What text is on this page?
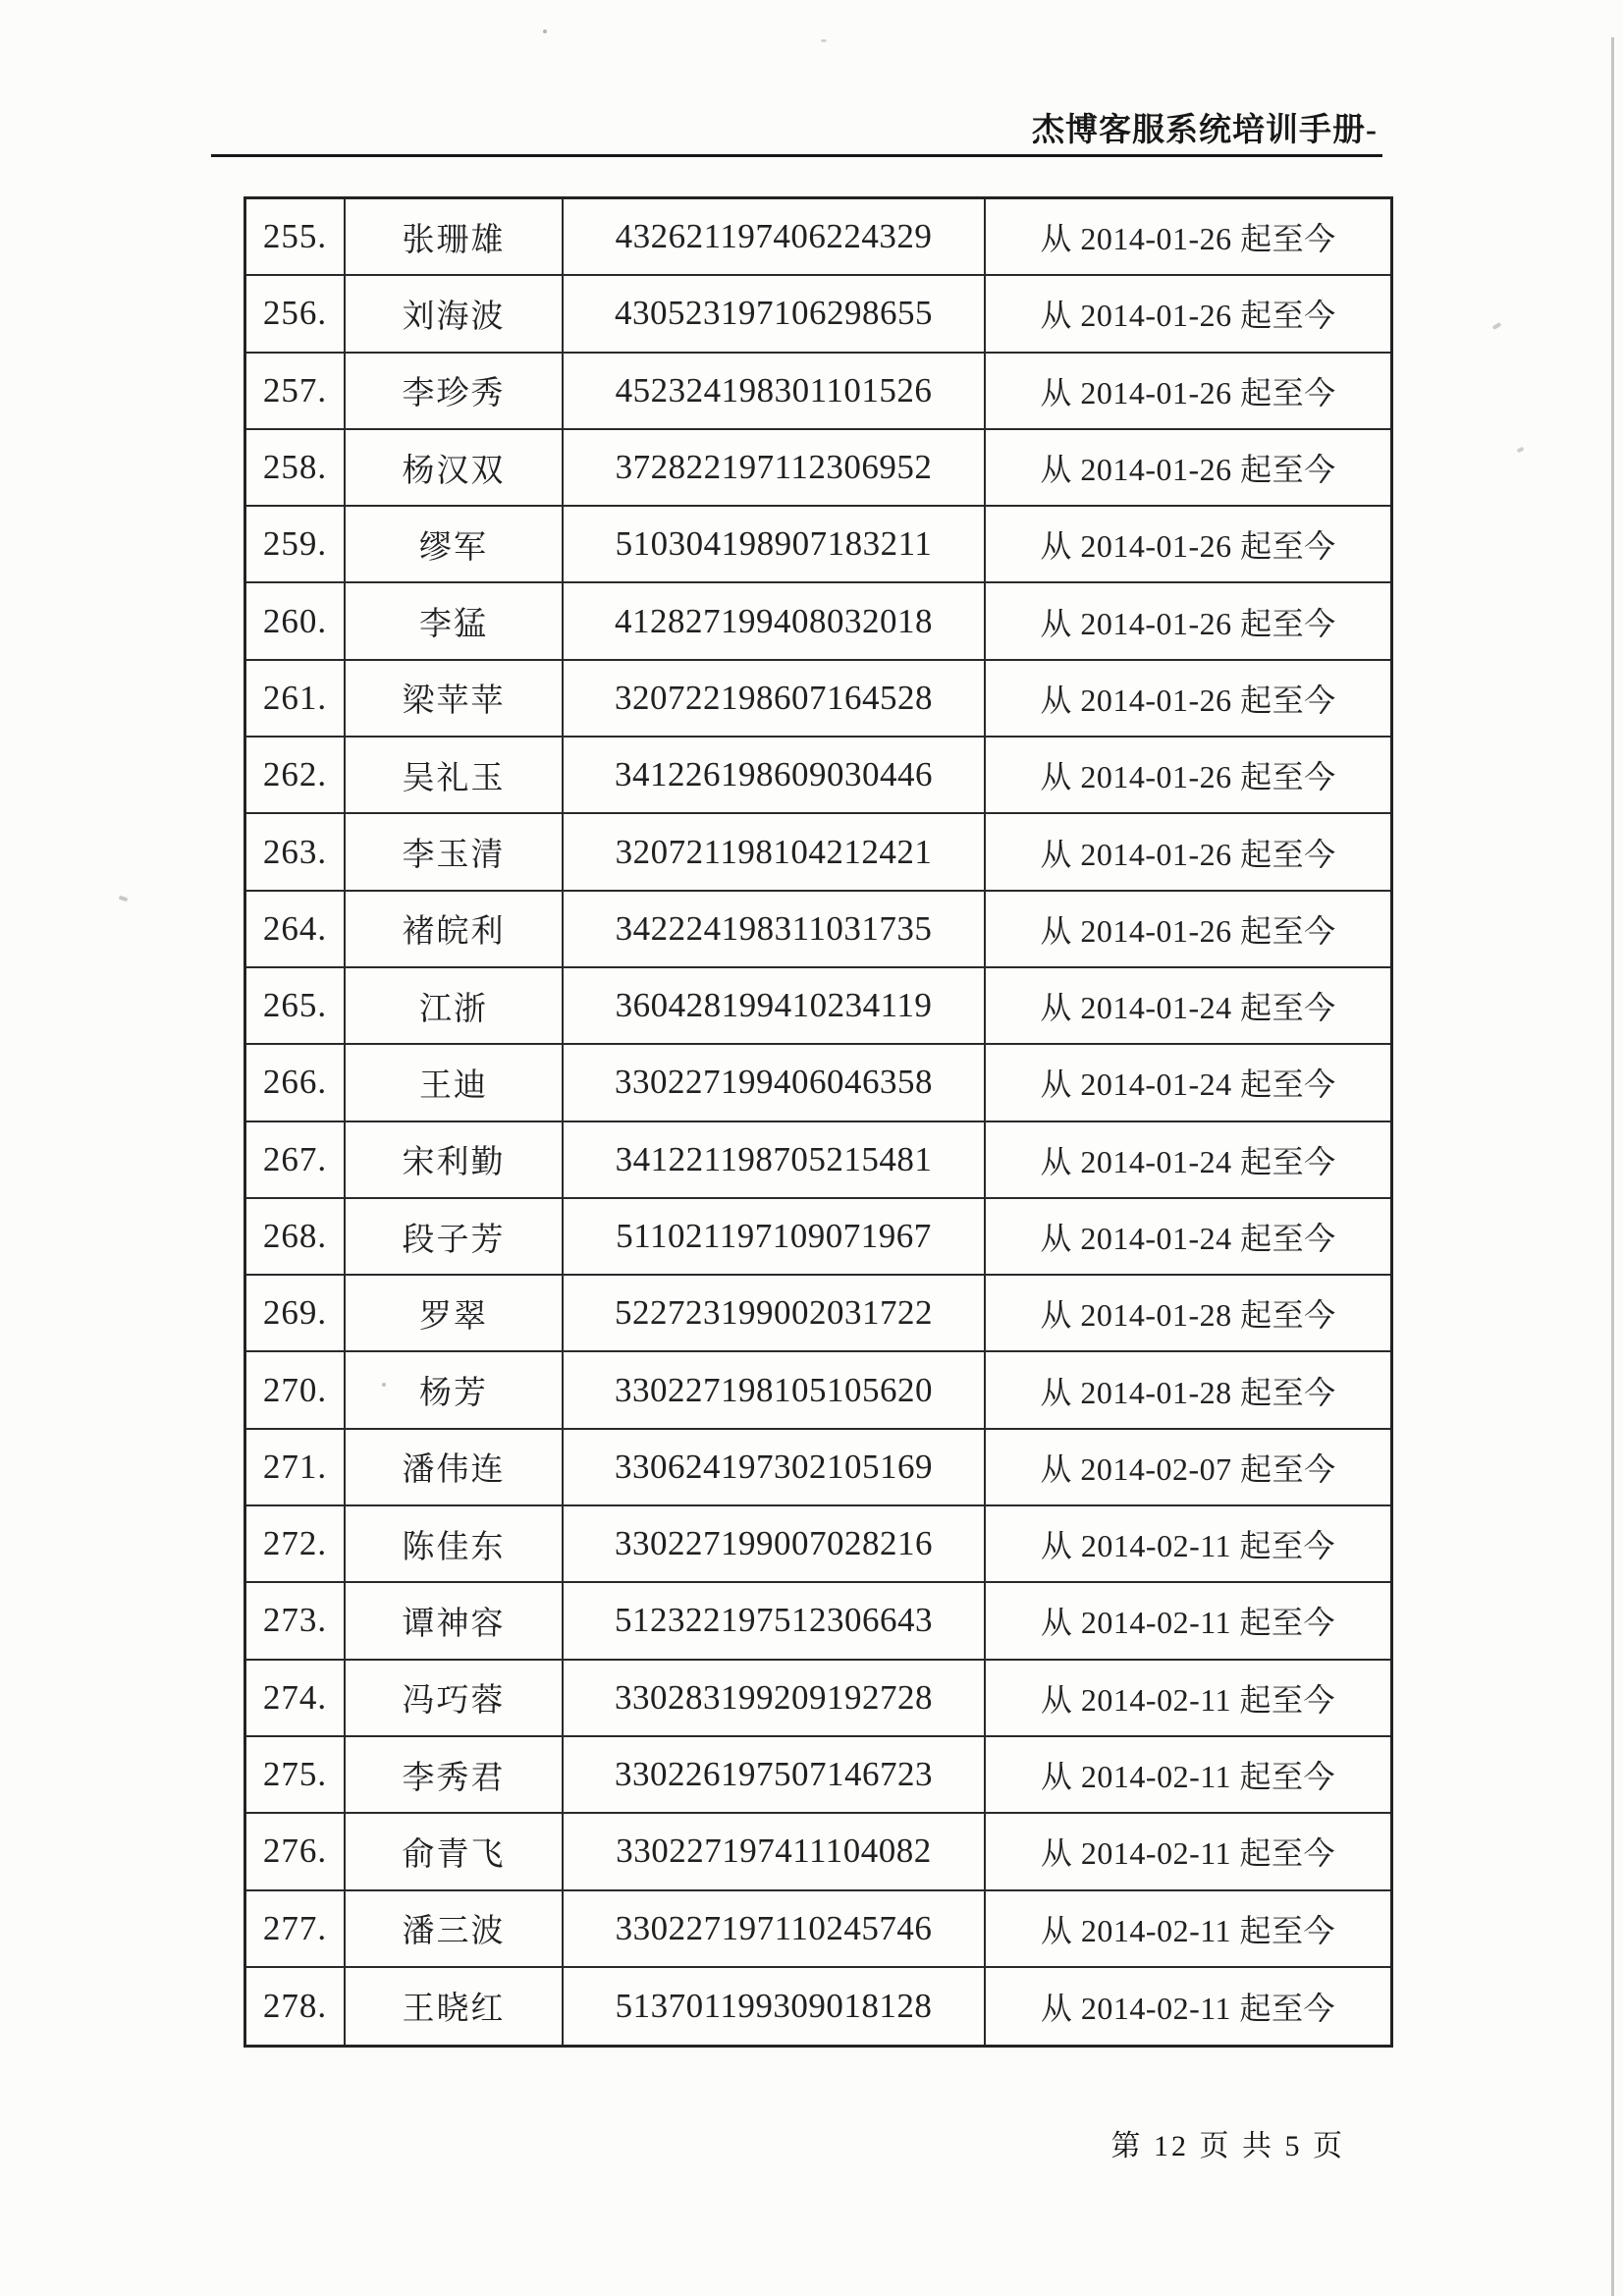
杰博客服系统培训手册-
255.	张珊雄	432621197406224329	从 2014-01-26 起至今
256.	刘海波	430523197106298655	从 2014-01-26 起至今
257.	李珍秀	452324198301101526	从 2014-01-26 起至今
258.	杨汉双	372822197112306952	从 2014-01-26 起至今
259.	缪军	510304198907183211	从 2014-01-26 起至今
260.	李猛	412827199408032018	从 2014-01-26 起至今
261.	梁苹苹	320722198607164528	从 2014-01-26 起至今
262.	吴礼玉	341226198609030446	从 2014-01-26 起至今
263.	李玉清	320721198104212421	从 2014-01-26 起至今
264.	褚皖利	342224198311031735	从 2014-01-26 起至今
265.	江浙	360428199410234119	从 2014-01-24 起至今
266.	王迪	330227199406046358	从 2014-01-24 起至今
267.	宋利勤	341221198705215481	从 2014-01-24 起至今
268.	段子芳	511021197109071967	从 2014-01-24 起至今
269.	罗翠	522723199002031722	从 2014-01-28 起至今
270.	杨芳	330227198105105620	从 2014-01-28 起至今
271.	潘伟连	330624197302105169	从 2014-02-07 起至今
272.	陈佳东	330227199007028216	从 2014-02-11 起至今
273.	谭神容	512322197512306643	从 2014-02-11 起至今
274.	冯巧蓉	330283199209192728	从 2014-02-11 起至今
275.	李秀君	330226197507146723	从 2014-02-11 起至今
276.	俞青飞	330227197411104082	从 2014-02-11 起至今
277.	潘三波	330227197110245746	从 2014-02-11 起至今
278.	王晓红	513701199309018128	从 2014-02-11 起至今
第 12 页 共 5 页
